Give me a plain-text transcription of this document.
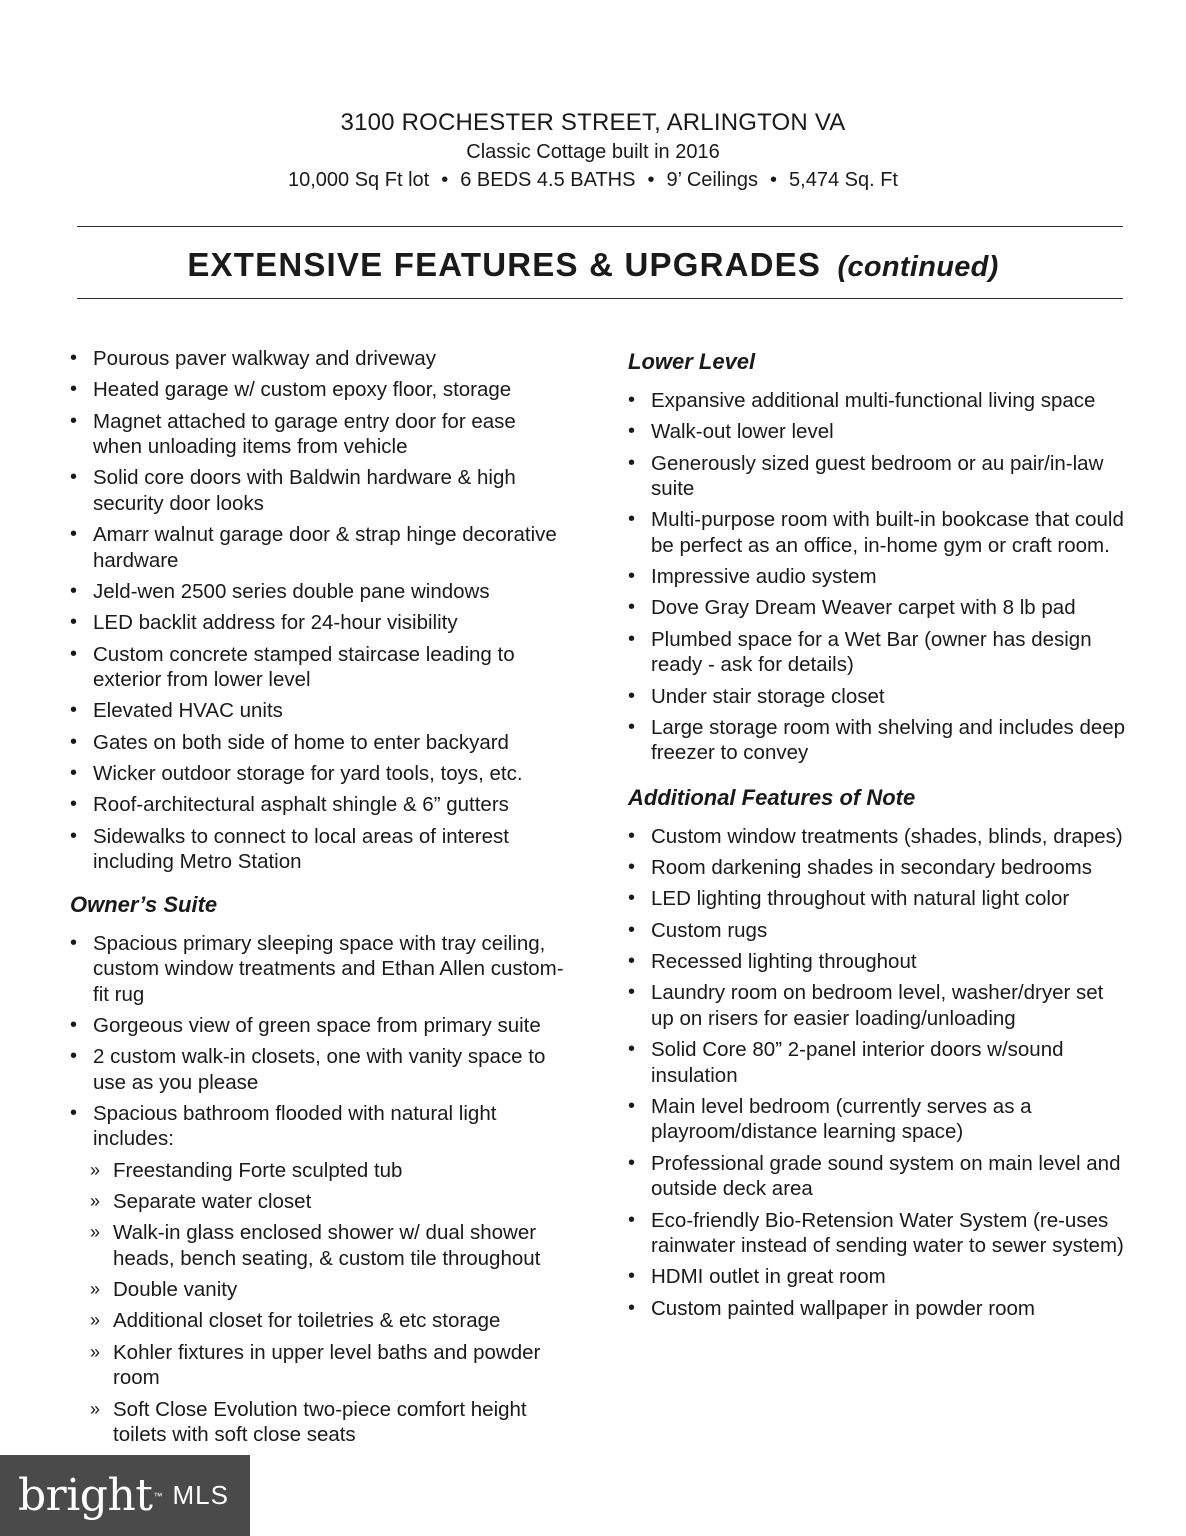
3100 ROCHESTER STREET, ARLINGTON VA
Classic Cottage built in 2016
10,000 Sq Ft lot • 6 BEDS 4.5 BATHS • 9’ Ceilings • 5,474 Sq. Ft
EXTENSIVE FEATURES & UPGRADES (continued)
• Pourous paver walkway and driveway
• Heated garage w/ custom epoxy floor, storage
• Magnet attached to garage entry door for ease when unloading items from vehicle
• Solid core doors with Baldwin hardware & high security door looks
• Amarr walnut garage door & strap hinge decorative hardware
• Jeld-wen 2500 series double pane windows
• LED backlit address for 24-hour visibility
• Custom concrete stamped staircase leading to exterior from lower level
• Elevated HVAC units
• Gates on both side of home to enter backyard
• Wicker outdoor storage for yard tools, toys, etc.
• Roof-architectural asphalt shingle & 6” gutters
• Sidewalks to connect to local areas of interest including Metro Station
Owner’s Suite
• Spacious primary sleeping space with tray ceiling, custom window treatments and Ethan Allen custom-fit rug
• Gorgeous view of green space from primary suite
• 2 custom walk-in closets, one with vanity space to use as you please
• Spacious bathroom flooded with natural light includes:
» Freestanding Forte sculpted tub
» Separate water closet
» Walk-in glass enclosed shower w/ dual shower heads, bench seating, & custom tile throughout
» Double vanity
» Additional closet for toiletries & etc storage
» Kohler fixtures in upper level baths and powder room
» Soft Close Evolution two-piece comfort height toilets with soft close seats
Lower Level
• Expansive additional multi-functional living space
• Walk-out lower level
• Generously sized guest bedroom or au pair/in-law suite
• Multi-purpose room with built-in bookcase that could be perfect as an office, in-home gym or craft room.
• Impressive audio system
• Dove Gray Dream Weaver carpet with 8 lb pad
• Plumbed space for a Wet Bar (owner has design ready - ask for details)
• Under stair storage closet
• Large storage room with shelving and includes deep freezer to convey
Additional Features of Note
• Custom window treatments (shades, blinds, drapes)
• Room darkening shades in secondary bedrooms
• LED lighting throughout with natural light color
• Custom rugs
• Recessed lighting throughout
• Laundry room on bedroom level, washer/dryer set up on risers for easier loading/unloading
• Solid Core 80” 2-panel interior doors w/sound insulation
• Main level bedroom (currently serves as a playroom/distance learning space)
• Professional grade sound system on main level and outside deck area
• Eco-friendly Bio-Retension Water System (re-uses rainwater instead of sending water to sewer system)
• HDMI outlet in great room
• Custom painted wallpaper in powder room
bright ™ MLS
